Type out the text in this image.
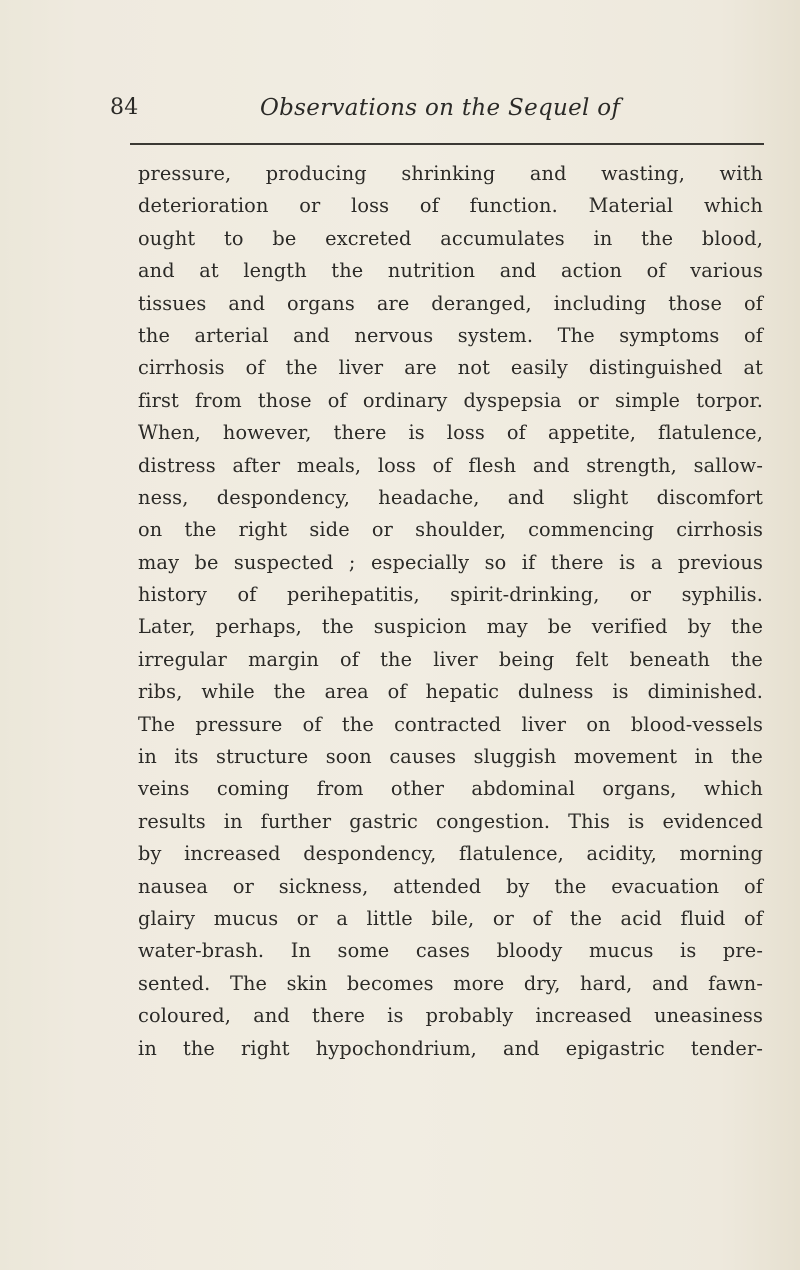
84	Observations on the Sequel of
pressure, producing shrinking and wasting, with
deterioration or loss of function. Material which
ought to be excreted accumulates in the blood,
and at length the nutrition and action of various
tissues and organs are deranged, including those of
the arterial and nervous system. The symptoms of
cirrhosis of the liver are not easily distinguished at
first from those of ordinary dyspepsia or simple torpor.
When, however, there is loss of appetite, flatulence,
distress after meals, loss of flesh and strength, sallow-
ness, despondency, headache, and slight discomfort
on the right side or shoulder, commencing cirrhosis
may be suspected ; especially so if there is a previous
history of perihepatitis, spirit-drinking, or syphilis.
Later, perhaps, the suspicion may be verified by the
irregular margin of the liver being felt beneath the
ribs, while the area of hepatic dulness is diminished.
The pressure of the contracted liver on blood-vessels
in its structure soon causes sluggish movement in the
veins coming from other abdominal organs, which
results in further gastric congestion. This is evidenced
by increased despondency, flatulence, acidity, morning
nausea or sickness, attended by the evacuation of
glairy mucus or a little bile, or of the acid fluid of
water-brash. In some cases bloody mucus is pre-
sented. The skin becomes more dry, hard, and fawn-
coloured, and there is probably increased uneasiness
in the right hypochondrium, and epigastric tender-
